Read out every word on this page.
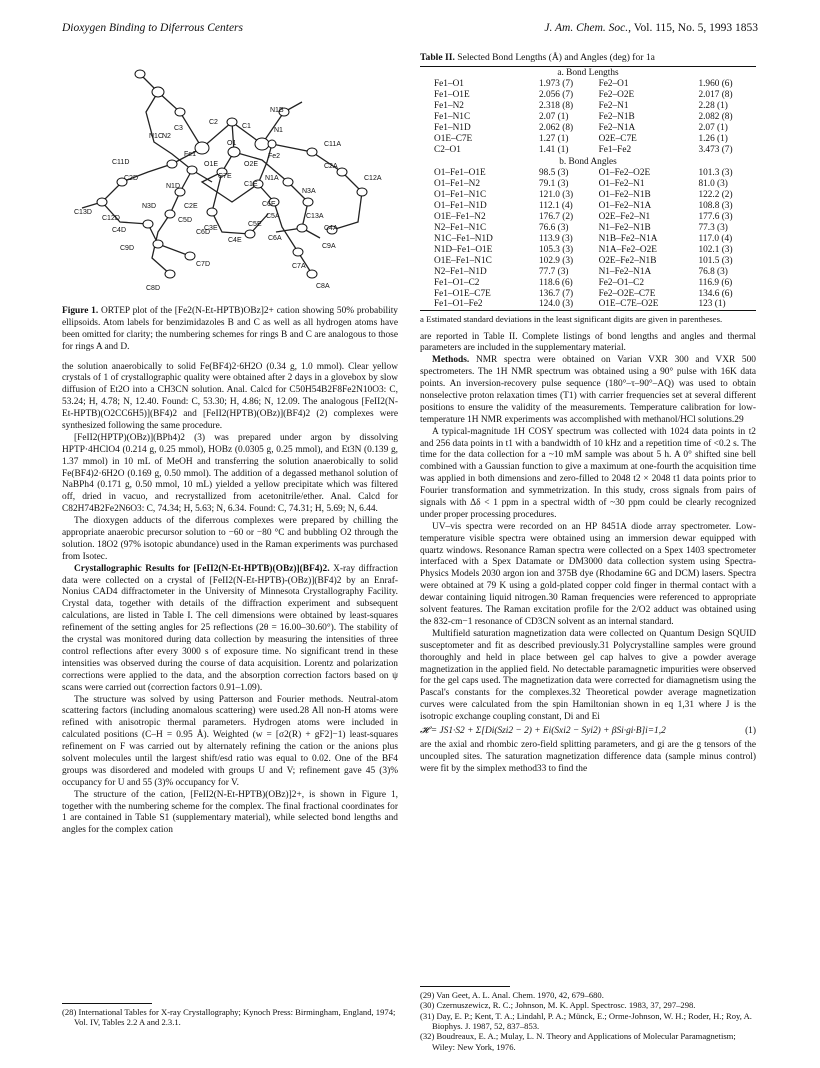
Dioxygen Binding to Diferrous Centers	J. Am. Chem. Soc., Vol. 115, No. 5, 1993 1853
N1C
C3
C2
N1B
C1
N1
N2
C11D
Fe1
O1
Fe2
C11A
O1E	O2E	C2A
C2D	C7E	N1A	C12A
N1D	C1E
N3A
C13D
C12D
N3D	C2E	C6E
C5A
C4D
C5D
C3E
C5E
C13A
C6D
C4A
C4E	C6A
C9A
C9D
C7D	C7A
C8D	C8A
Figure 1. ORTEP plot of the [Fe2(N-Et-HPTB)OBz]2+ cation showing 50% probability ellipsoids. Atom labels for benzimidazoles B and C as well as all hydrogen atoms have been omitted for clarity; the numbering schemes for rings B and C are analogous to those for rings A and D.

the solution anaerobically to solid Fe(BF4)2·6H2O (0.34 g, 1.0 mmol). Clear yellow crystals of 1 of crystallographic quality were obtained after 2 days in a glovebox by slow diffusion of Et2O into a CH3CN solution. Anal. Calcd for C50H54B2F8Fe2N10O3: C, 53.24; H, 4.78; N, 12.40. Found: C, 53.30; H, 4.86; N, 12.09. The analogous [FeII2(N-Et-HPTB)(O2CC6H5)](BF4)2 and [FeII2(HPTB)(OBz)](BF4)2 (2) complexes were synthesized following the same procedure.

[FeII2(HPTP)(OBz)](BPh4)2 (3) was prepared under argon by dissolving HPTP·4HClO4 (0.214 g, 0.25 mmol), HOBz (0.0305 g, 0.25 mmol), and Et3N (0.139 g, 1.37 mmol) in 10 mL of MeOH and transferring the solution anaerobically to solid Fe(BF4)2·6H2O (0.169 g, 0.50 mmol). The addition of a degassed methanol solution of NaBPh4 (0.171 g, 0.50 mmol, 10 mL) yielded a yellow precipitate which was filtered off, dried in vacuo, and recrystallized from acetonitrile/ether. Anal. Calcd for C82H74B2Fe2N6O3: C, 74.34; H, 5.63; N, 6.34. Found: C, 74.31; H, 5.69; N, 6.44.

The dioxygen adducts of the diferrous complexes were prepared by chilling the appropriate anaerobic precursor solution to −60 or −80 °C and bubbling O2 through the solution. 18O2 (97% isotopic abundance) used in the Raman experiments was purchased from Isotec.

Crystallographic Results for [FeII2(N-Et-HPTB)(OBz)](BF4)2. X-ray diffraction data were collected on a crystal of [FeII2(N-Et-HPTB)-(OBz)](BF4)2 by an Enraf-Nonius CAD4 diffractometer in the University of Minnesota Crystallography Facility. Crystal data, together with details of the diffraction experiment and subsequent calculations, are listed in Table I. The cell dimensions were obtained by least-squares refinement of the setting angles for 25 reflections (2θ = 16.00–30.60°). The stability of the crystal was monitored during data collection by measuring the intensities of three control reflections after every 3000 s of exposure time. No significant trend in these intensities was observed during the course of data acquisition. Lorentz and polarization corrections were applied to the data, and the absorption correction factors based on ψ scans were carried out (correction factors 0.91–1.09).

The structure was solved by using Patterson and Fourier methods. Neutral-atom scattering factors (including anomalous scattering) were used.28 All non-H atoms were refined with anisotropic thermal parameters. Hydrogen atoms were included in calculated positions (C–H = 0.95 Å). Weighted (w = [σ2(R) + gF2]−1) least-squares refinement on F was carried out by alternately refining the cation or the anions plus solvent molecules until the largest shift/esd ratio was equal to 0.02. One of the BF4 groups was disordered and modeled with groups U and V; refinement gave 45 (3)% occupancy for U and 55 (3)% occupancy for V.

The structure of the cation, [FeII2(N-Et-HPTB)(OBz)]2+, is shown in Figure 1, together with the numbering scheme for the complex. The final fractional coordinates for 1 are contained in Table S1 (supplementary material), while selected bond lengths and angles for the complex cation

(28) International Tables for X-ray Crystallography; Kynoch Press: Birmingham, England, 1974; Vol. IV, Tables 2.2 A and 2.3.1.
Table II. Selected Bond Lengths (Å) and Angles (deg) for 1a
a. Bond Lengths			
Fe1–O1	1.973 (7)	Fe2–O1	1.960 (6)
Fe1–O1E	2.056 (7)	Fe2–O2E	2.017 (8)
Fe1–N2	2.318 (8)	Fe2–N1	2.28 (1)
Fe1–N1C	2.07 (1)	Fe2–N1B	2.082 (8)
Fe1–N1D	2.062 (8)	Fe2–N1A	2.07 (1)
O1E–C7E	1.27 (1)	O2E–C7E	1.26 (1)
C2–O1	1.41 (1)	Fe1–Fe2	3.473 (7)
b. Bond Angles			
O1–Fe1–O1E	98.5 (3)	O1–Fe2–O2E	101.3 (3)
O1–Fe1–N2	79.1 (3)	O1–Fe2–N1	81.0 (3)
O1–Fe1–N1C	121.0 (3)	O1–Fe2–N1B	122.2 (2)
O1–Fe1–N1D	112.1 (4)	O1–Fe2–N1A	108.8 (3)
O1E–Fe1–N2	176.7 (2)	O2E–Fe2–N1	177.6 (3)
N2–Fe1–N1C	76.6 (3)	N1–Fe2–N1B	77.3 (3)
N1C–Fe1–N1D	113.9 (3)	N1B–Fe2–N1A	117.0 (4)
N1D–Fe1–O1E	105.3 (3)	N1A–Fe2–O2E	102.1 (3)
O1E–Fe1–N1C	102.9 (3)	O2E–Fe2–N1B	101.5 (3)
N2–Fe1–N1D	77.7 (3)	N1–Fe2–N1A	76.8 (3)
Fe1–O1–C2	118.6 (6)	Fe2–O1–C2	116.9 (6)
Fe1–O1E–C7E	136.7 (7)	Fe2–O2E–C7E	134.6 (6)
Fe1–O1–Fe2	124.0 (3)	O1E–C7E–O2E	123 (1)
a Estimated standard deviations in the least significant digits are given in parentheses.

are reported in Table II. Complete listings of bond lengths and angles and thermal parameters are included in the supplementary material.

Methods. NMR spectra were obtained on Varian VXR 300 and VXR 500 spectrometers. The 1H NMR spectrum was obtained using a 90° pulse with 16K data points. An inversion-recovery pulse sequence (180°–τ–90°–AQ) was used to obtain nonselective proton relaxation times (T1) with carrier frequencies set at several different positions to ensure the validity of the measurements. Temperature calibration for low-temperature 1H NMR experiments was accomplished with methanol/HCl solutions.29

A typical-magnitude 1H COSY spectrum was collected with 1024 data points in t2 and 256 data points in t1 with a bandwidth of 10 kHz and a repetition time of <0.2 s. The time for the data collection for a ~10 mM sample was about 5 h. A 0° shifted sine bell combined with a Gaussian function to give a maximum at one-fourth the acquisition time was applied in both dimensions and zero-filled to 2048 t2 × 2048 t1 data points prior to Fourier transformation and symmetrization. In this study, cross signals from pairs of signals with Δδ < 1 ppm in a spectral width of ~30 ppm could be clearly recognized under proper processing procedures.

UV–vis spectra were recorded on an HP 8451A diode array spectrometer. Low-temperature visible spectra were obtained using an immersion dewar equipped with quartz windows. Resonance Raman spectra were collected on a Spex 1403 spectrometer interfaced with a Spex Datamate or DM3000 data collection system using Spectra-Physics Models 2030 argon ion and 375B dye (Rhodamine 6G and DCM) lasers. Spectra were obtained at 79 K using a gold-plated copper cold finger in thermal contact with a dewar containing liquid nitrogen.30 Raman frequencies were referenced to appropriate solvent features. The Raman excitation profile for the 2/O2 adduct was obtained using the 832-cm−1 resonance of CD3CN solvent as an internal standard.

Multifield saturation magnetization data were collected on Quantum Design SQUID susceptometer and fit as described previously.31 Polycrystalline samples were ground thoroughly and held in place between gel cap halves to give a powder average magnetization in the applied field. No detectable paramagnetic impurities were observed for the gel caps used. The magnetization data were corrected for diamagnetism using the Pascal's constants for the complexes.32 Theoretical powder average magnetization curves were calculated from the spin Hamiltonian shown in eq 1,31 where J is the isotropic exchange coupling constant, Di and Ei

𝓗 = JS1·S2 + Σ[Di(Szi2 − 2) + Ei(Sxi2 − Syi2) + βSi·gi·B]i=1,2	(1)

are the axial and rhombic zero-field splitting parameters, and gi are the g tensors of the uncoupled sites. The saturation magnetization difference data (sample minus control) were fit by the simplex method33 to find the

(29) Van Geet, A. L. Anal. Chem. 1970, 42, 679–680.
(30) Czernuszewicz, R. C.; Johnson, M. K. Appl. Spectrosc. 1983, 37, 297–298.
(31) Day, E. P.; Kent, T. A.; Lindahl, P. A.; Münck, E.; Orme-Johnson, W. H.; Roder, H.; Roy, A. Biophys. J. 1987, 52, 837–853.
(32) Boudreaux, E. A.; Mulay, L. N. Theory and Applications of Molecular Paramagnetism; Wiley: New York, 1976.
